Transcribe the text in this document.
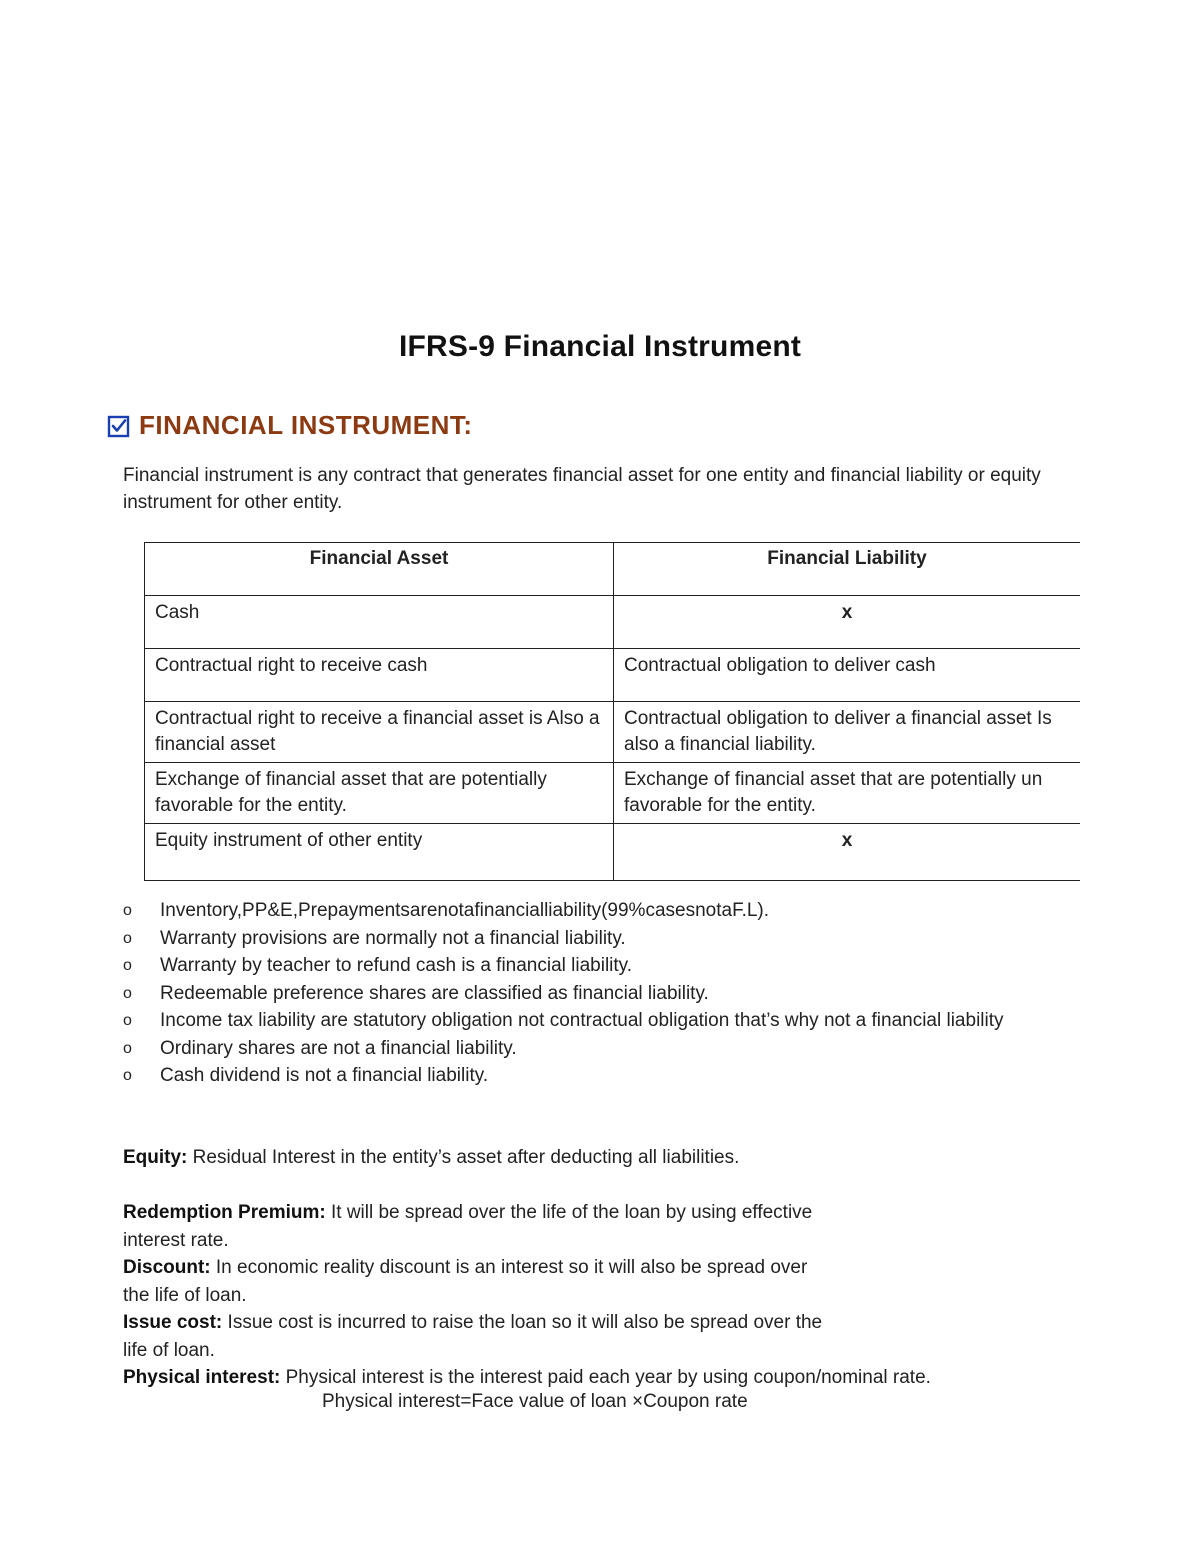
IFRS-9 Financial Instrument
FINANCIAL INSTRUMENT:
Financial instrument is any contract that generates financial asset for one entity and financial liability or equity instrument for other entity.
Financial Asset	Financial Liability
Cash	x
Contractual right to receive cash	Contractual obligation to deliver cash
Contractual right to receive a financial asset is Also a financial asset	Contractual obligation to deliver a financial asset Is also a financial liability.
Exchange of financial asset that are potentially favorable for the entity.	Exchange of financial asset that are potentially un favorable for the entity.
Equity instrument of other entity	x
o Inventory,PP&E,Prepaymentsarenotafinancialliability(99%casesnotaF.L).
o Warranty provisions are normally not a financial liability.
o Warranty by teacher to refund cash is a financial liability.
o Redeemable preference shares are classified as financial liability.
o Income tax liability are statutory obligation not contractual obligation that’s why not a financial liability
o Ordinary shares are not a financial liability.
o Cash dividend is not a financial liability.
Equity: Residual Interest in the entity’s asset after deducting all liabilities.
Redemption Premium: It will be spread over the life of the loan by using effective
interest rate.
Discount: In economic reality discount is an interest so it will also be spread over
the life of loan.
Issue cost: Issue cost is incurred to raise the loan so it will also be spread over the
life of loan.
Physical interest: Physical interest is the interest paid each year by using coupon/nominal rate.
Physical interest=Face value of loan ×Coupon rate
